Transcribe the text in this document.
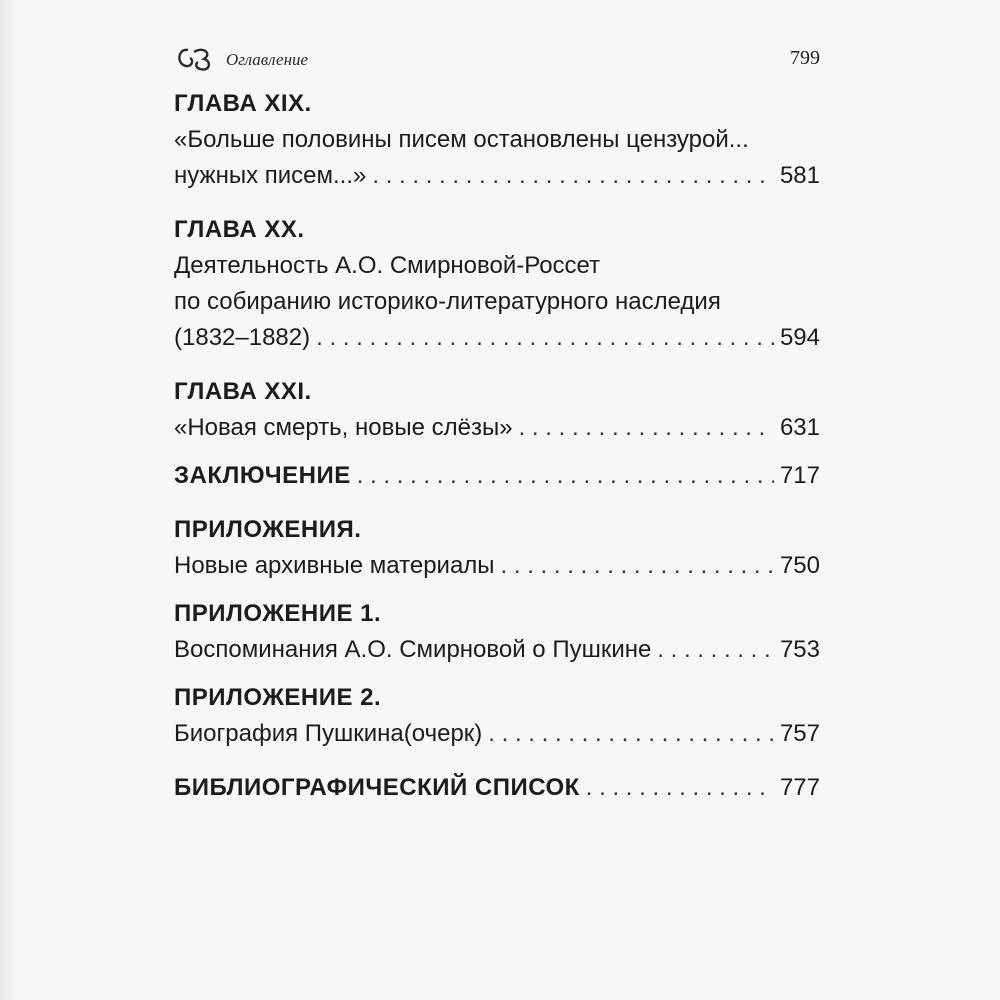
Оглавление	799
ГЛАВА XIX.
«Больше половины писем остановлены цензурой...
нужных писем...» . . .	581
ГЛАВА XX.
Деятельность А.О. Смирновой-Россет
по собиранию историко-литературного наследия
(1832–1882) . . .	594
ГЛАВА XXI.
«Новая смерть, новые слёзы» . . .	631
ЗАКЛЮЧЕНИЕ . . .	717
ПРИЛОЖЕНИЯ.
Новые архивные материалы . . .	750
ПРИЛОЖЕНИЕ 1.
Воспоминания А.О. Смирновой о Пушкине . . .	753
ПРИЛОЖЕНИЕ 2.
Биография Пушкина(очерк) . . .	757
БИБЛИОГРАФИЧЕСКИЙ СПИСОК . . .	777
